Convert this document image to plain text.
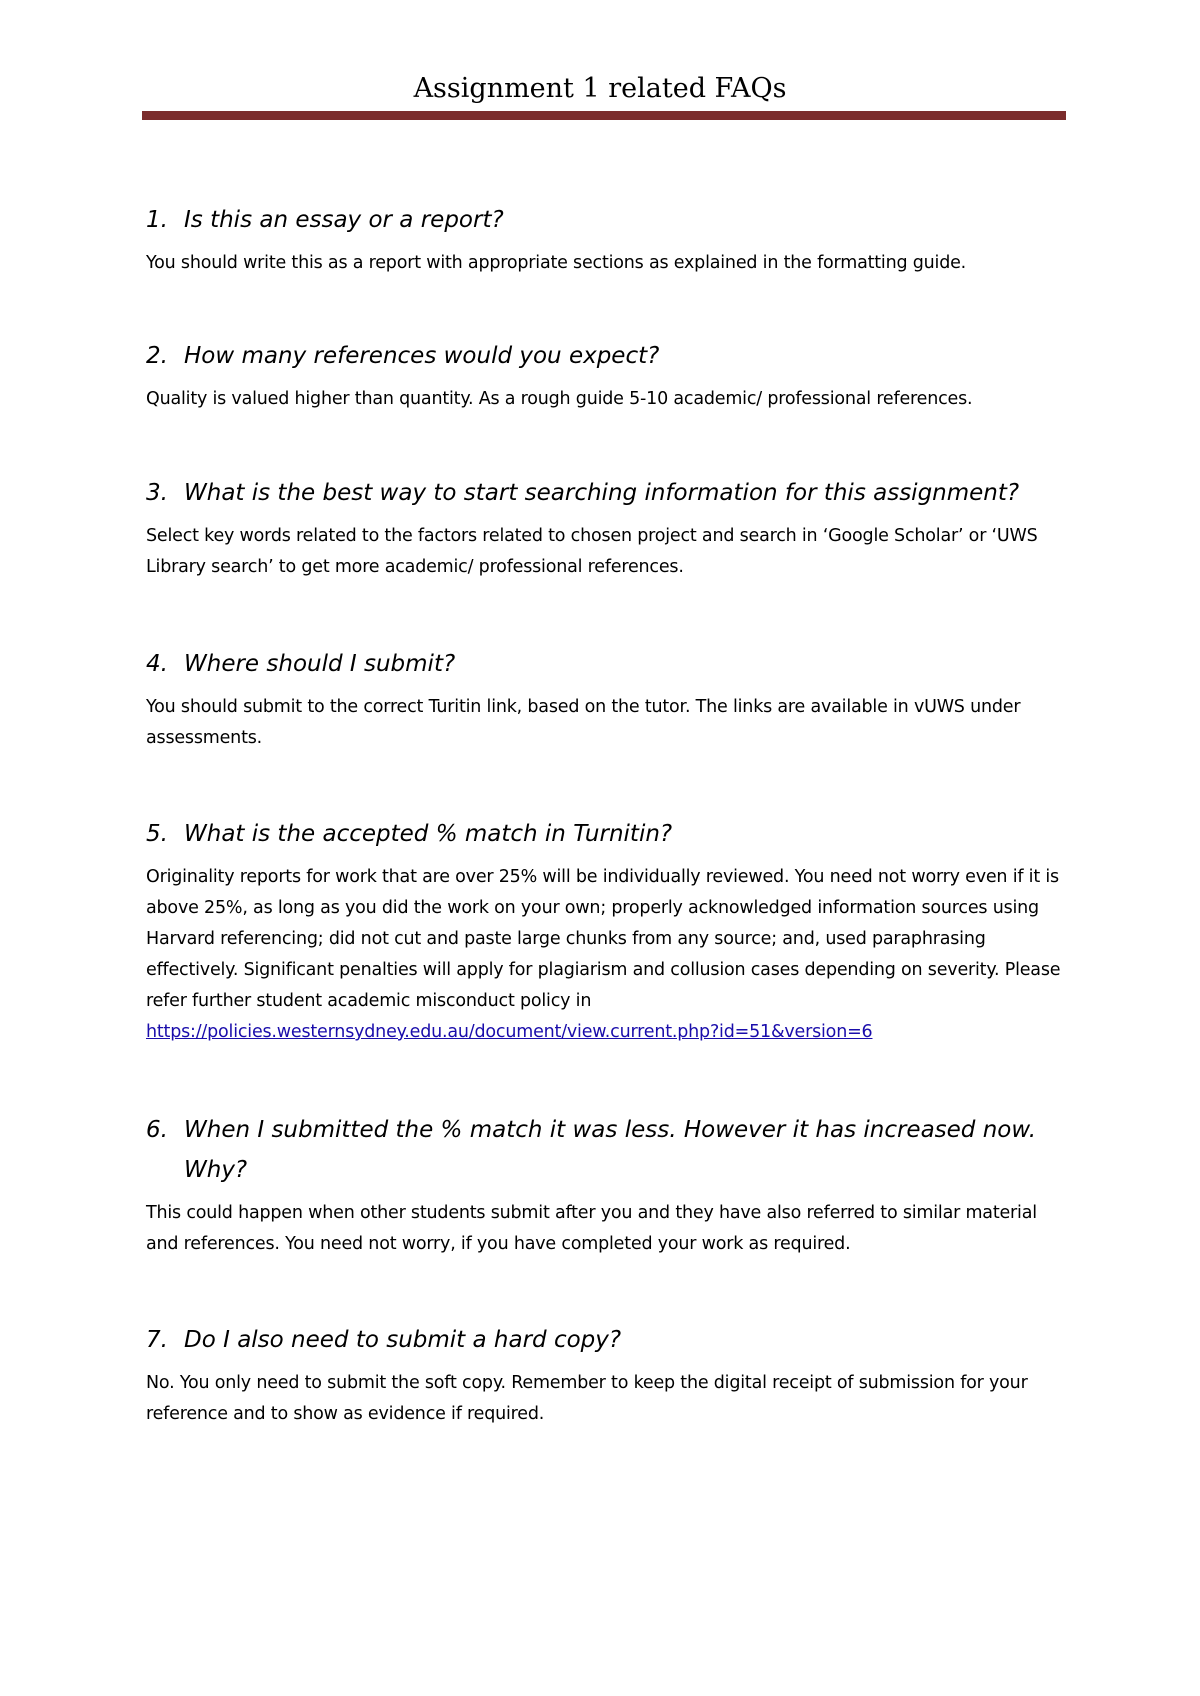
Assignment 1 related FAQs

1. Is this an essay or a report?

You should write this as a report with appropriate sections as explained in the formatting guide.

2. How many references would you expect?

Quality is valued higher than quantity. As a rough guide 5-10 academic/ professional references.

3. What is the best way to start searching information for this assignment?

Select key words related to the factors related to chosen project and search in ‘Google Scholar’ or ‘UWS Library search’ to get more academic/ professional references.

4. Where should I submit?

You should submit to the correct Turitin link, based on the tutor. The links are available in vUWS under assessments.

5. What is the accepted % match in Turnitin?

Originality reports for work that are over 25% will be individually reviewed. You need not worry even if it is above 25%, as long as you did the work on your own; properly acknowledged information sources using Harvard referencing; did not cut and paste large chunks from any source; and, used paraphrasing effectively. Significant penalties will apply for plagiarism and collusion cases depending on severity. Please refer further student academic misconduct policy in
https://policies.westernsydney.edu.au/document/view.current.php?id=51&version=6

6. When I submitted the % match it was less. However it has increased now. Why?

This could happen when other students submit after you and they have also referred to similar material and references. You need not worry, if you have completed your work as required.

7. Do I also need to submit a hard copy?

No. You only need to submit the soft copy. Remember to keep the digital receipt of submission for your reference and to show as evidence if required.
